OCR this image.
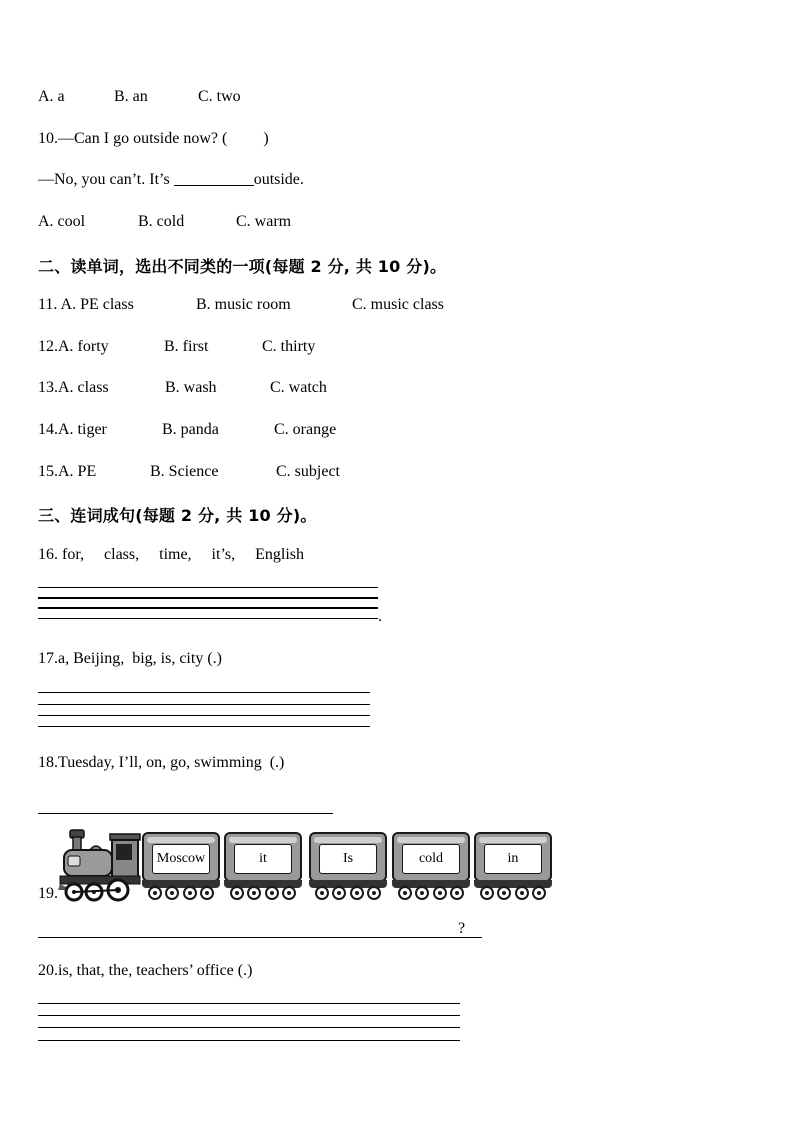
A. a	B. an	C. two
10.—Can I go outside now? ( )
—No, you can’t. It’s	outside.
A. cool	B. cold	C. warm
二、读单词，选出不同类的一项(每题 2 分, 共 10 分)。
11. A. PE class	B. music room	C. music class
12.A. forty	B. first	C. thirty
13.A. class	B. wash	C. watch
14.A. tiger	B. panda	C. orange
15.A. PE	B. Science	C. subject
三、连词成句(每题 2 分, 共 10 分)。
16. for,     class,     time,     it’s,     English
.
17.a, Beijing,  big, is, city (.)
18.Tuesday, I’ll, on, go, swimming  (.)
19.
Moscow	it	Is	cold	in
?
20.is, that, the, teachers’ office (.)
